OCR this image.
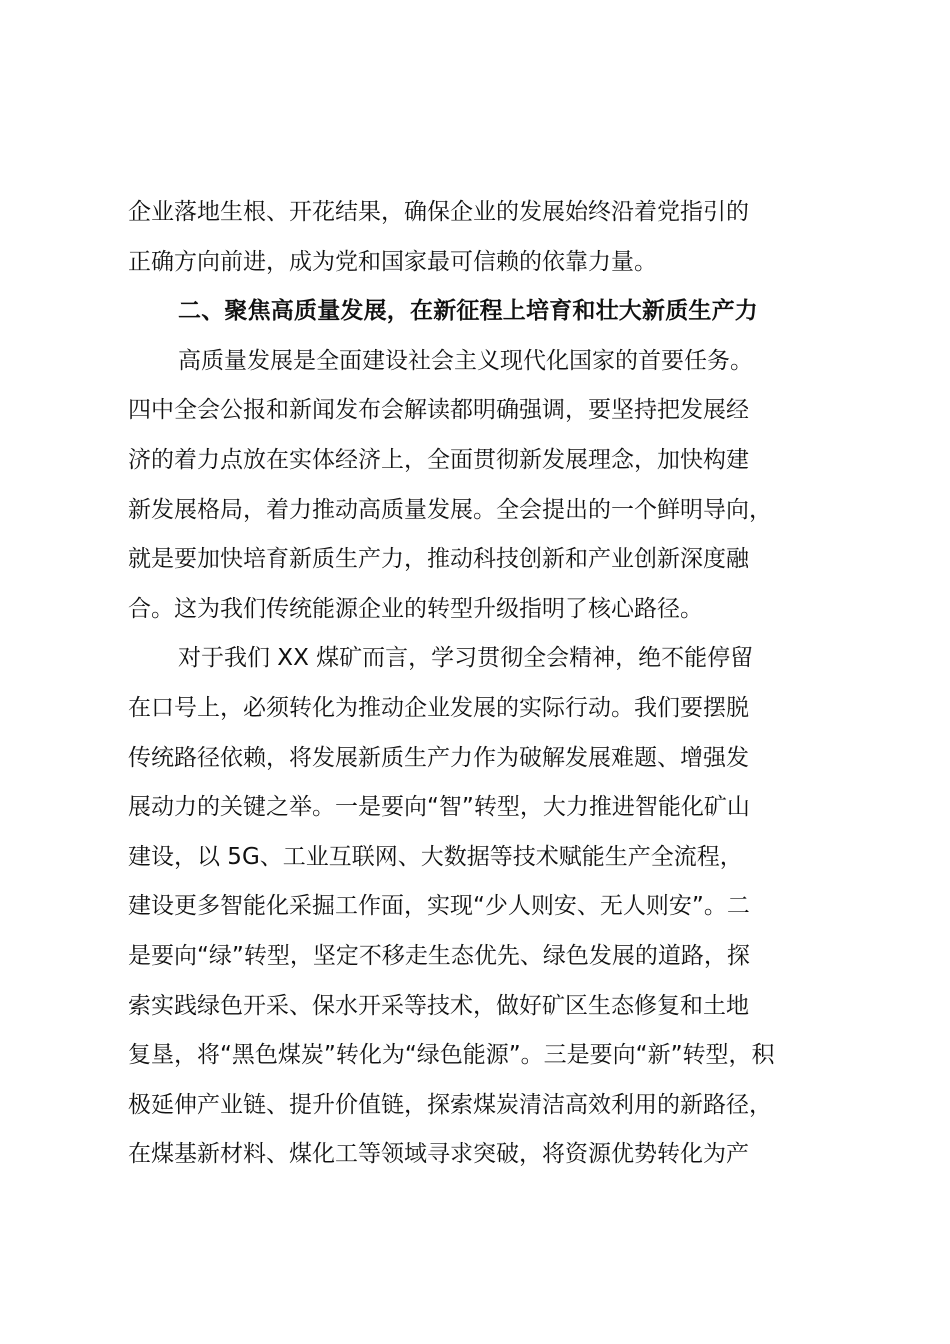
企业落地生根、开花结果，确保企业的发展始终沿着党指引的
正确方向前进，成为党和国家最可信赖的依靠力量。
二、聚焦高质量发展，在新征程上培育和壮大新质生产力
高质量发展是全面建设社会主义现代化国家的首要任务。
四中全会公报和新闻发布会解读都明确强调，要坚持把发展经
济的着力点放在实体经济上，全面贯彻新发展理念，加快构建
新发展格局，着力推动高质量发展。全会提出的一个鲜明导向，
就是要加快培育新质生产力，推动科技创新和产业创新深度融
合。这为我们传统能源企业的转型升级指明了核心路径。
对于我们 XX 煤矿而言，学习贯彻全会精神，绝不能停留
在口号上，必须转化为推动企业发展的实际行动。我们要摆脱
传统路径依赖，将发展新质生产力作为破解发展难题、增强发
展动力的关键之举。一是要向“智”转型，大力推进智能化矿山
建设，以 5G、工业互联网、大数据等技术赋能生产全流程，
建设更多智能化采掘工作面，实现“少人则安、无人则安”。二
是要向“绿”转型，坚定不移走生态优先、绿色发展的道路，探
索实践绿色开采、保水开采等技术，做好矿区生态修复和土地
复垦，将“黑色煤炭”转化为“绿色能源”。三是要向“新”转型，积
极延伸产业链、提升价值链，探索煤炭清洁高效利用的新路径，
在煤基新材料、煤化工等领域寻求突破，将资源优势转化为产
